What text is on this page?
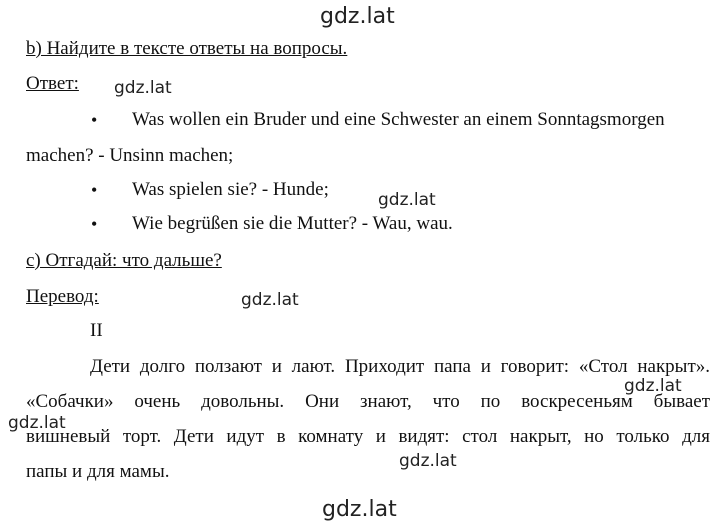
gdz.lat
gdz.lat
gdz.lat
gdz.lat
gdz.lat
gdz.lat
gdz.lat
gdz.lat
b) Найдите в тексте ответы на вопросы.
Ответ:
• Was wollen ein Bruder und eine Schwester an einem Sonntagsmorgen
machen? - Unsinn machen;
• Was spielen sie? - Hunde;
• Wie begrüßen sie die Mutter? - Wau, wau.
c) Отгадай: что дальше?
Перевод:
II
Дети долго ползают и лают. Приходит папа и говорит: «Стол накрыт».
«Собачки» очень довольны. Они знают, что по воскресеньям бывает
вишневый торт. Дети идут в комнату и видят: стол накрыт, но только для
папы и для мамы.
